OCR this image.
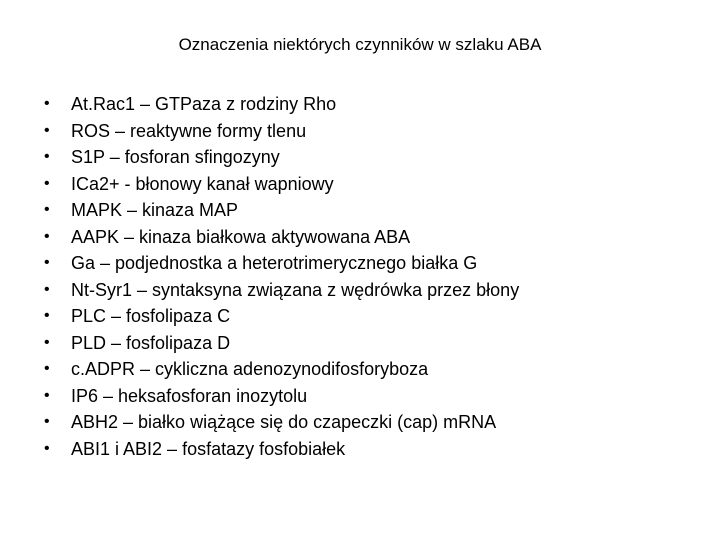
Oznaczenia niektórych czynników w szlaku ABA
• At.Rac1 – GTPaza z rodziny Rho
• ROS – reaktywne formy tlenu
• S1P – fosforan sfingozyny
• ICa2+ - błonowy kanał wapniowy
• MAPK – kinaza MAP
• AAPK – kinaza białkowa aktywowana ABA
• Ga – podjednostka a heterotrimerycznego białka G
• Nt-Syr1 – syntaksyna związana z wędrówka przez błony
• PLC – fosfolipaza C
• PLD – fosfolipaza D
• c.ADPR – cykliczna adenozynodifosforyboza
• IP6 – heksafosforan inozytolu
• ABH2 – białko wiążące się do czapeczki (cap) mRNA
• ABI1 i ABI2 – fosfatazy fosfobiałek
